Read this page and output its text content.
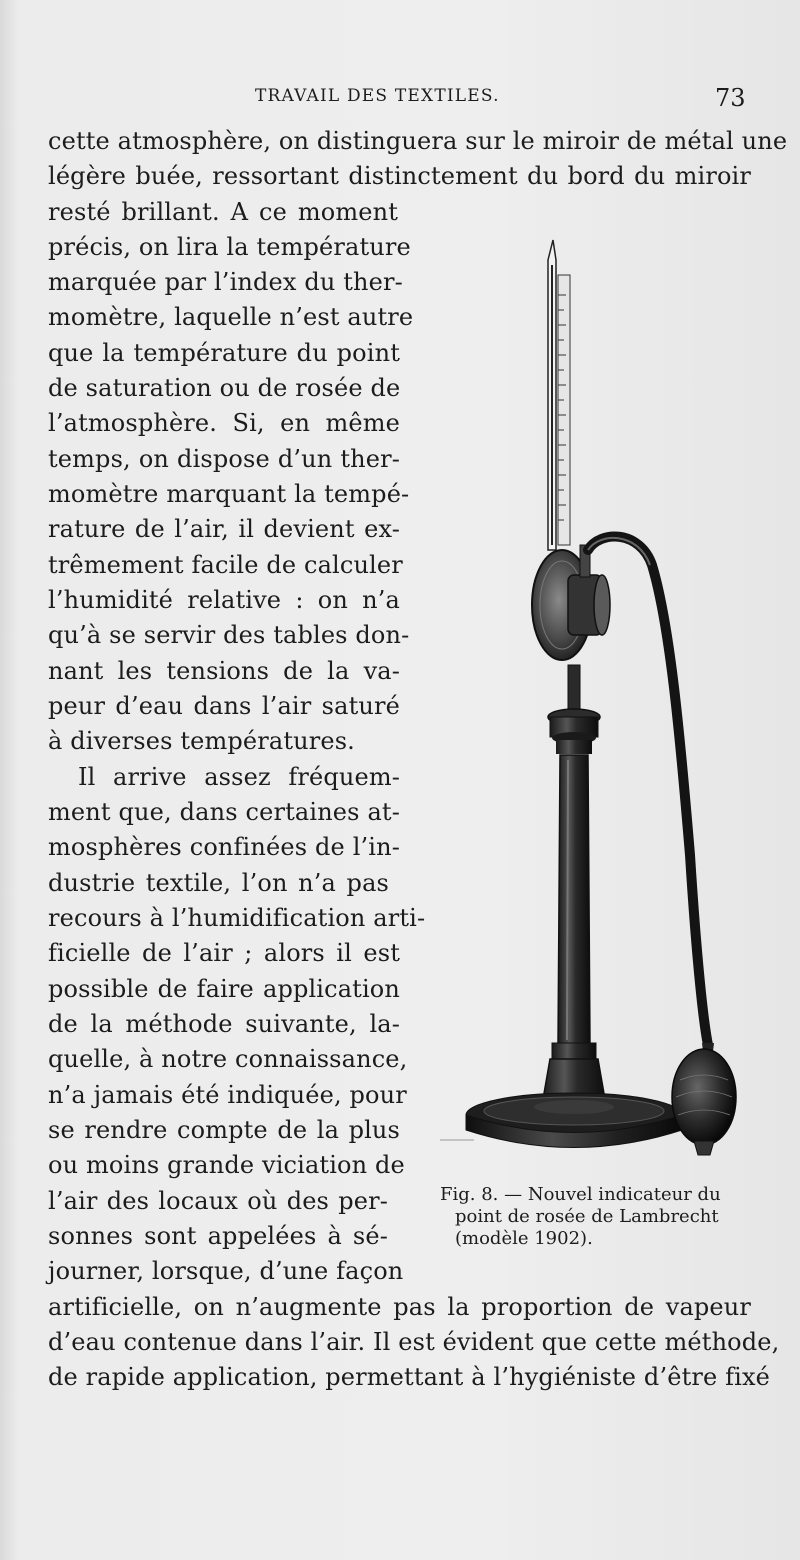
TRAVAIL DES TEXTILES.	73
cette atmosphère, on distinguera sur le miroir de métal une
légère buée, ressortant distinctement du bord du miroir
resté brillant. A ce moment
précis, on lira la température
marquée par l’index du ther-
momètre, laquelle n’est autre
que la température du point
de saturation ou de rosée de
l’atmosphère. Si, en même
temps, on dispose d’un ther-
momètre marquant la tempé-
rature de l’air, il devient ex-
trêmement facile de calculer
l’humidité relative : on n’a
qu’à se servir des tables don-
nant les tensions de la va-
peur d’eau dans l’air saturé
à diverses températures.
Il arrive assez fréquem-
ment que, dans certaines at-
mosphères confinées de l’in-
dustrie textile, l’on n’a pas
recours à l’humidification arti-
ficielle de l’air ; alors il est
possible de faire application
de la méthode suivante, la-
quelle, à notre connaissance,
n’a jamais été indiquée, pour
se rendre compte de la plus
ou moins grande viciation de
l’air des locaux où des per-
sonnes sont appelées à sé-
journer, lorsque, d’une façon
artificielle, on n’augmente pas la proportion de vapeur
d’eau contenue dans l’air. Il est évident que cette méthode,
de rapide application, permettant à l’hygiéniste d’être fixé
Fig. 8. — Nouvel indicateur du
point de rosée de Lambrecht
(modèle 1902).
